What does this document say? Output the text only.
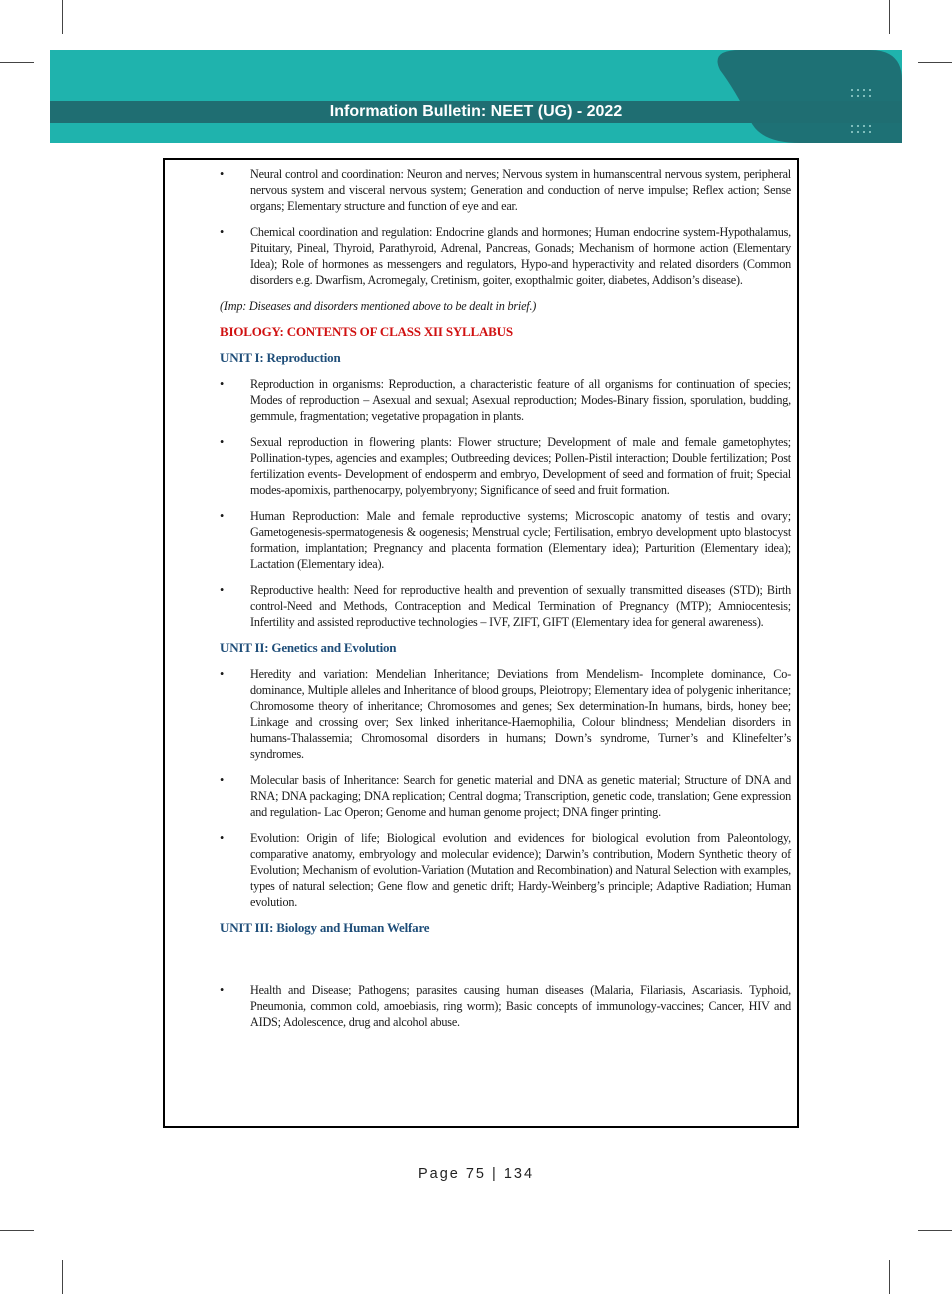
Information Bulletin: NEET (UG) - 2022
• Neural control and coordination: Neuron and nerves; Nervous system in humanscentral nervous system, peripheral nervous system and visceral nervous system; Generation and conduction of nerve impulse; Reflex action; Sense organs; Elementary structure and function of eye and ear.
• Chemical coordination and regulation: Endocrine glands and hormones; Human endocrine system-Hypothalamus, Pituitary, Pineal, Thyroid, Parathyroid, Adrenal, Pancreas, Gonads; Mechanism of hormone action (Elementary Idea); Role of hormones as messengers and regulators, Hypo-and hyperactivity and related disorders (Common disorders e.g. Dwarfism, Acromegaly, Cretinism, goiter, exopthalmic goiter, diabetes, Addison’s disease).
(Imp: Diseases and disorders mentioned above to be dealt in brief.)
BIOLOGY: CONTENTS OF CLASS XII SYLLABUS
UNIT I: Reproduction
• Reproduction in organisms: Reproduction, a characteristic feature of all organisms for continuation of species; Modes of reproduction – Asexual and sexual; Asexual reproduction; Modes-Binary fission, sporulation, budding, gemmule, fragmentation; vegetative propagation in plants.
• Sexual reproduction in flowering plants: Flower structure; Development of male and female gametophytes; Pollination-types, agencies and examples; Outbreeding devices; Pollen-Pistil interaction; Double fertilization; Post fertilization events- Development of endosperm and embryo, Development of seed and formation of fruit; Special modes-apomixis, parthenocarpy, polyembryony; Significance of seed and fruit formation.
• Human Reproduction: Male and female reproductive systems; Microscopic anatomy of testis and ovary; Gametogenesis-spermatogenesis & oogenesis; Menstrual cycle; Fertilisation, embryo development upto blastocyst formation, implantation; Pregnancy and placenta formation (Elementary idea); Parturition (Elementary idea); Lactation (Elementary idea).
• Reproductive health: Need for reproductive health and prevention of sexually transmitted diseases (STD); Birth control-Need and Methods, Contraception and Medical Termination of Pregnancy (MTP); Amniocentesis; Infertility and assisted reproductive technologies – IVF, ZIFT, GIFT (Elementary idea for general awareness).
UNIT II: Genetics and Evolution
• Heredity and variation: Mendelian Inheritance; Deviations from Mendelism- Incomplete dominance, Co-dominance, Multiple alleles and Inheritance of blood groups, Pleiotropy; Elementary idea of polygenic inheritance; Chromosome theory of inheritance; Chromosomes and genes; Sex determination-In humans, birds, honey bee; Linkage and crossing over; Sex linked inheritance-Haemophilia, Colour blindness; Mendelian disorders in humans-Thalassemia; Chromosomal disorders in humans; Down’s syndrome, Turner’s and Klinefelter’s syndromes.
• Molecular basis of Inheritance: Search for genetic material and DNA as genetic material; Structure of DNA and RNA; DNA packaging; DNA replication; Central dogma; Transcription, genetic code, translation; Gene expression and regulation- Lac Operon; Genome and human genome project; DNA finger printing.
• Evolution: Origin of life; Biological evolution and evidences for biological evolution from Paleontology, comparative anatomy, embryology and molecular evidence); Darwin’s contribution, Modern Synthetic theory of Evolution; Mechanism of evolution-Variation (Mutation and Recombination) and Natural Selection with examples, types of natural selection; Gene flow and genetic drift; Hardy-Weinberg’s principle; Adaptive Radiation; Human evolution.
UNIT III: Biology and Human Welfare
• Health and Disease; Pathogens; parasites causing human diseases (Malaria, Filariasis, Ascariasis. Typhoid, Pneumonia, common cold, amoebiasis, ring worm); Basic concepts of immunology-vaccines; Cancer, HIV and AIDS; Adolescence, drug and alcohol abuse.
Page 75 | 134
